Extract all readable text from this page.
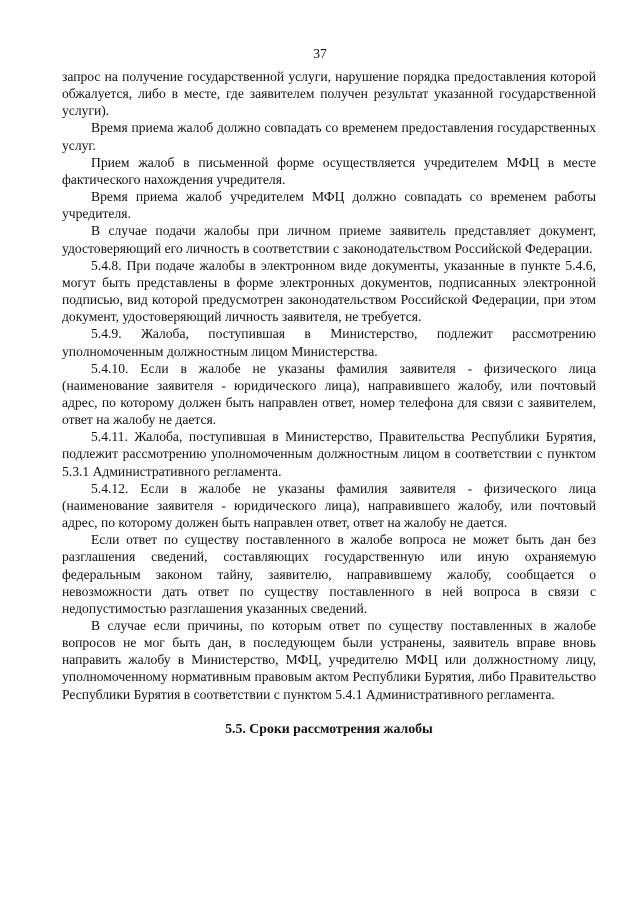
37

запрос на получение государственной услуги, нарушение порядка предоставления которой обжалуется, либо в месте, где заявителем получен результат указанной государственной услуги).

Время приема жалоб должно совпадать со временем предоставления государственных услуг.

Прием жалоб в письменной форме осуществляется учредителем МФЦ в месте фактического нахождения учредителя.

Время приема жалоб учредителем МФЦ должно совпадать со временем работы учредителя.

В случае подачи жалобы при личном приеме заявитель представляет документ, удостоверяющий его личность в соответствии с законодательством Российской Федерации.

5.4.8. При подаче жалобы в электронном виде документы, указанные в пункте 5.4.6, могут быть представлены в форме электронных документов, подписанных электронной подписью, вид которой предусмотрен законодательством Российской Федерации, при этом документ, удостоверяющий личность заявителя, не требуется.

5.4.9. Жалоба, поступившая в Министерство, подлежит рассмотрению уполномоченным должностным лицом Министерства.

5.4.10. Если в жалобе не указаны фамилия заявителя - физического лица (наименование заявителя - юридического лица), направившего жалобу, или почтовый адрес, по которому должен быть направлен ответ, номер телефона для связи с заявителем, ответ на жалобу не дается.

5.4.11. Жалоба, поступившая в Министерство, Правительства Республики Бурятия, подлежит рассмотрению уполномоченным должностным лицом в соответствии с пунктом 5.3.1 Административного регламента.

5.4.12. Если в жалобе не указаны фамилия заявителя - физического лица (наименование заявителя - юридического лица), направившего жалобу, или почтовый адрес, по которому должен быть направлен ответ, ответ на жалобу не дается.

Если ответ по существу поставленного в жалобе вопроса не может быть дан без разглашения сведений, составляющих государственную или иную охраняемую федеральным законом тайну, заявителю, направившему жалобу, сообщается о невозможности дать ответ по существу поставленного в ней вопроса в связи с недопустимостью разглашения указанных сведений.

В случае если причины, по которым ответ по существу поставленных в жалобе вопросов не мог быть дан, в последующем были устранены, заявитель вправе вновь направить жалобу в Министерство, МФЦ, учредителю МФЦ или должностному лицу, уполномоченному нормативным правовым актом Республики Бурятия, либо Правительство Республики Бурятия в соответствии с пунктом 5.4.1 Административного регламента.

5.5. Сроки рассмотрения жалобы
